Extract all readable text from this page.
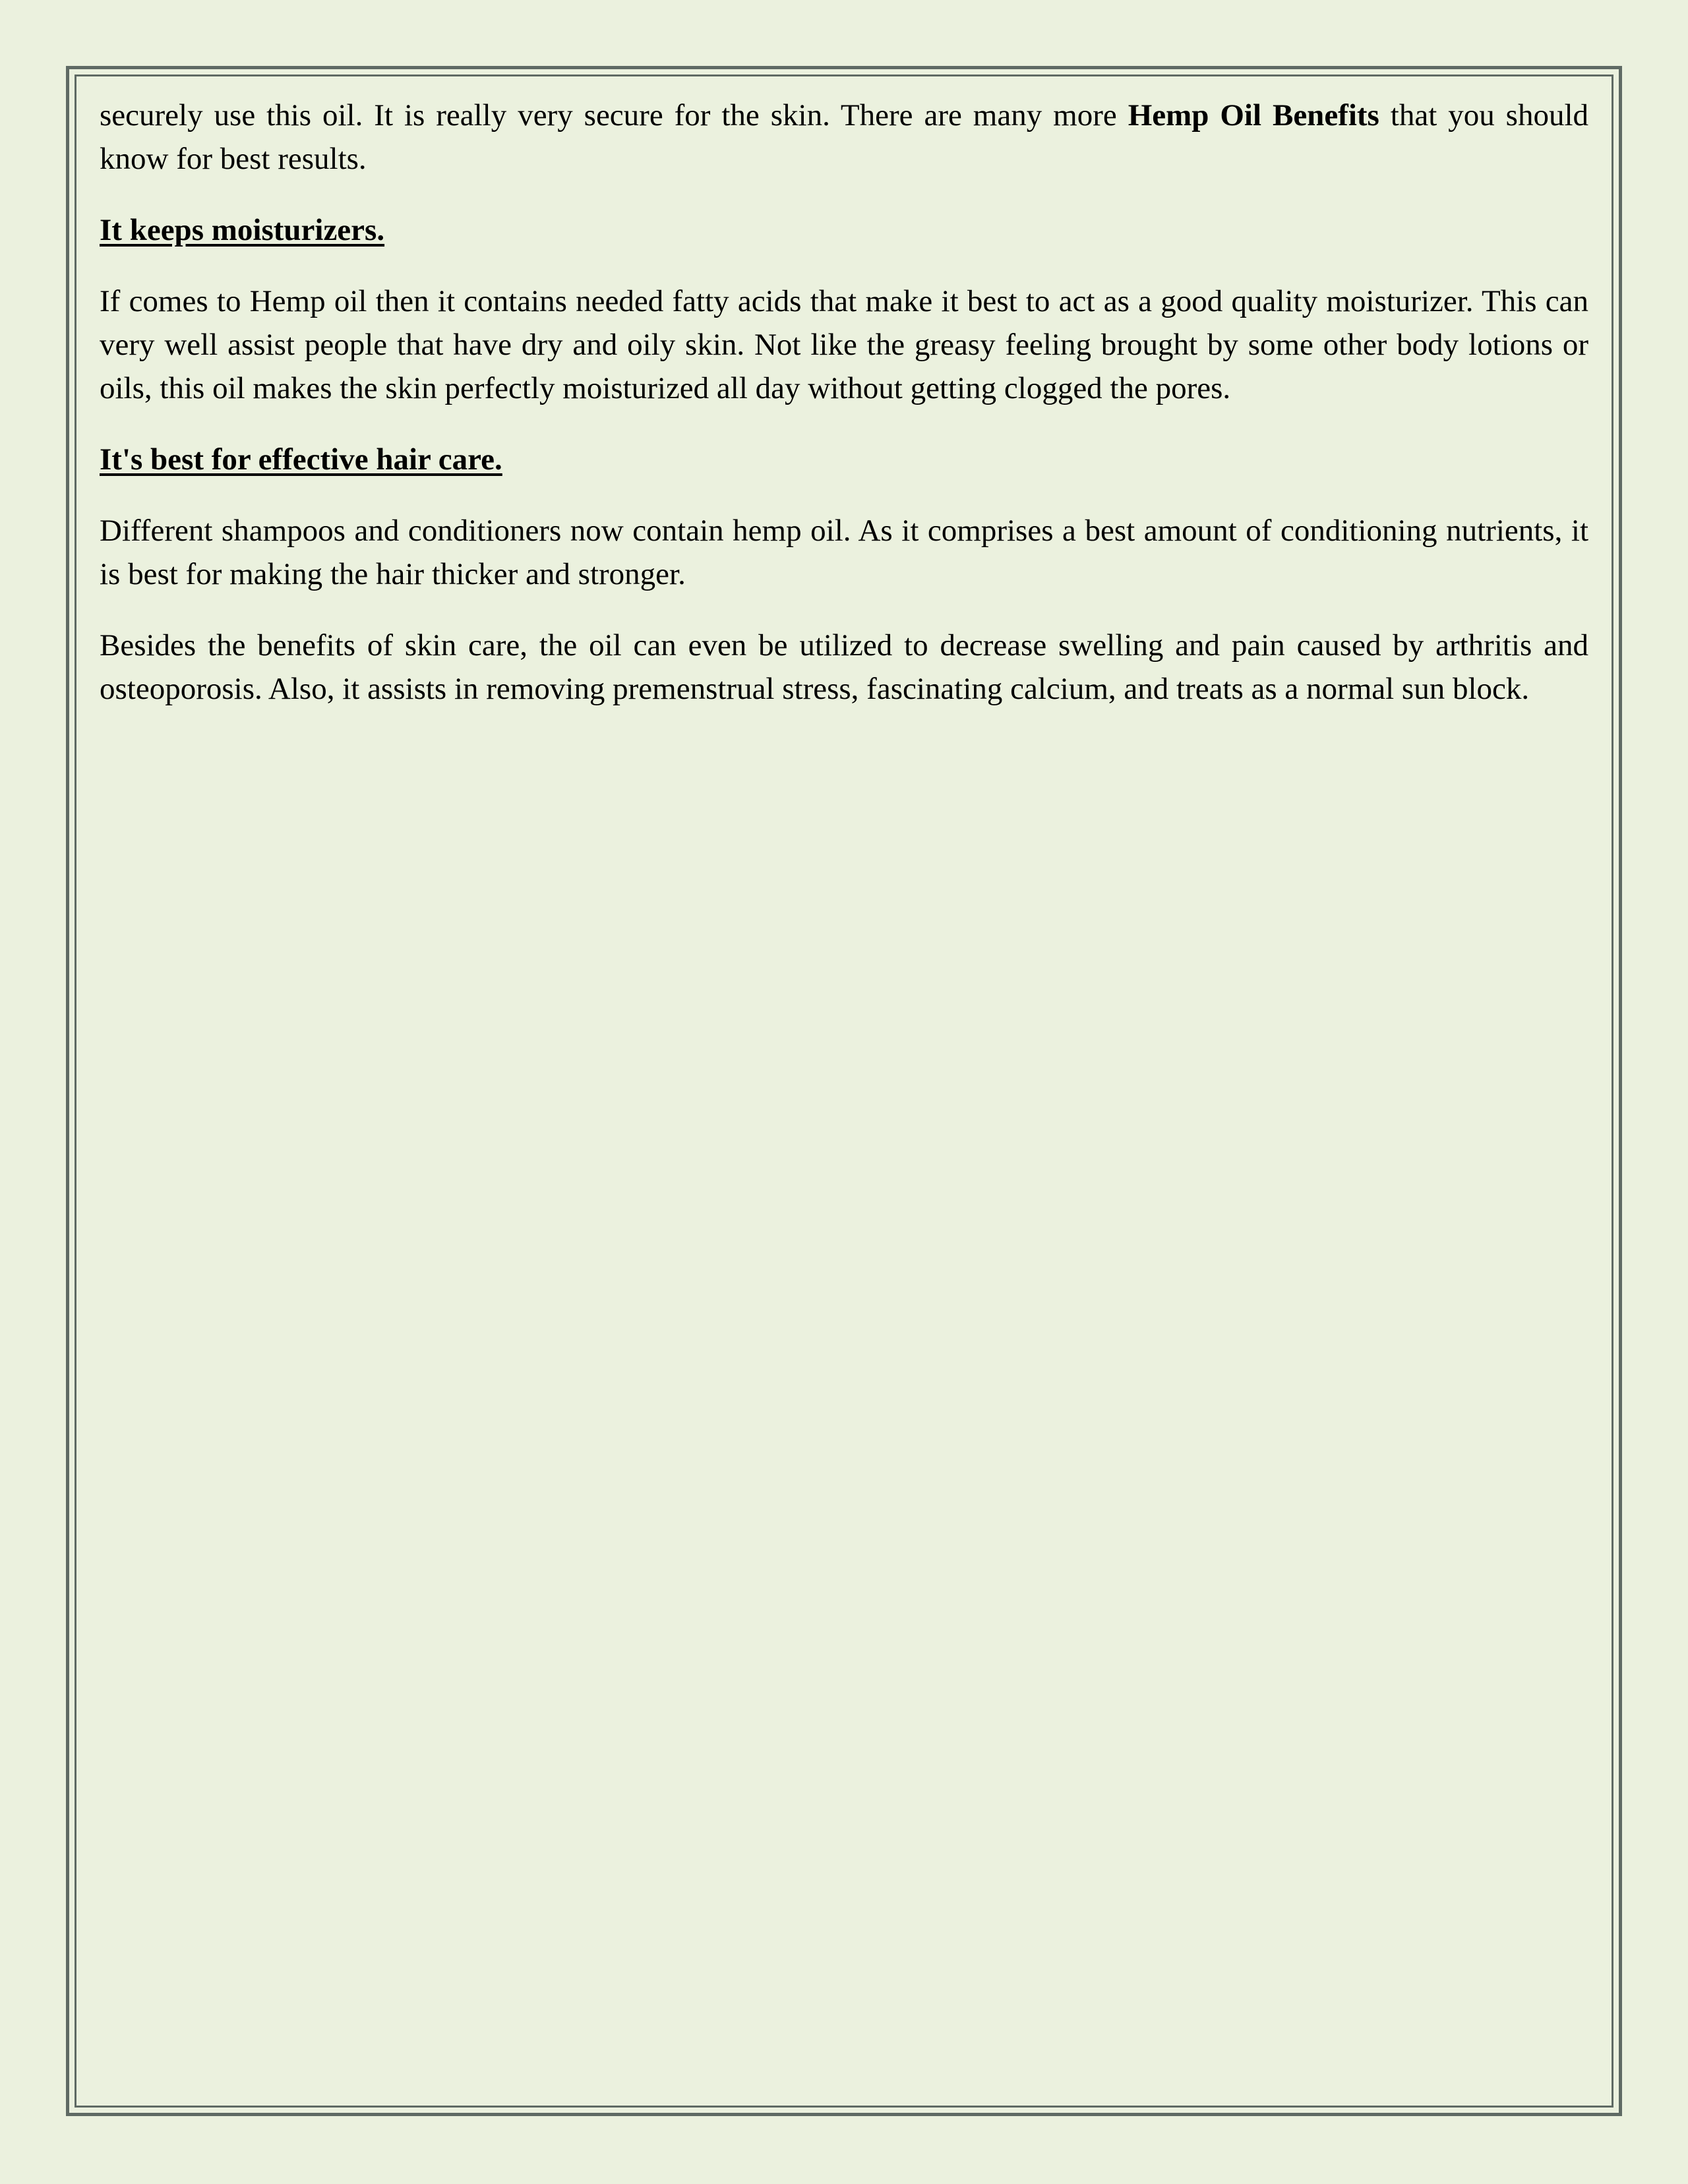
securely use this oil. It is really very secure for the skin. There are many more Hemp Oil Benefits that you should know for best results.

It keeps moisturizers.

If comes to Hemp oil then it contains needed fatty acids that make it best to act as a good quality moisturizer. This can very well assist people that have dry and oily skin. Not like the greasy feeling brought by some other body lotions or oils, this oil makes the skin perfectly moisturized all day without getting clogged the pores.

It's best for effective hair care.

Different shampoos and conditioners now contain hemp oil. As it comprises a best amount of conditioning nutrients, it is best for making the hair thicker and stronger.

Besides the benefits of skin care, the oil can even be utilized to decrease swelling and pain caused by arthritis and osteoporosis. Also, it assists in removing premenstrual stress, fascinating calcium, and treats as a normal sun block.
